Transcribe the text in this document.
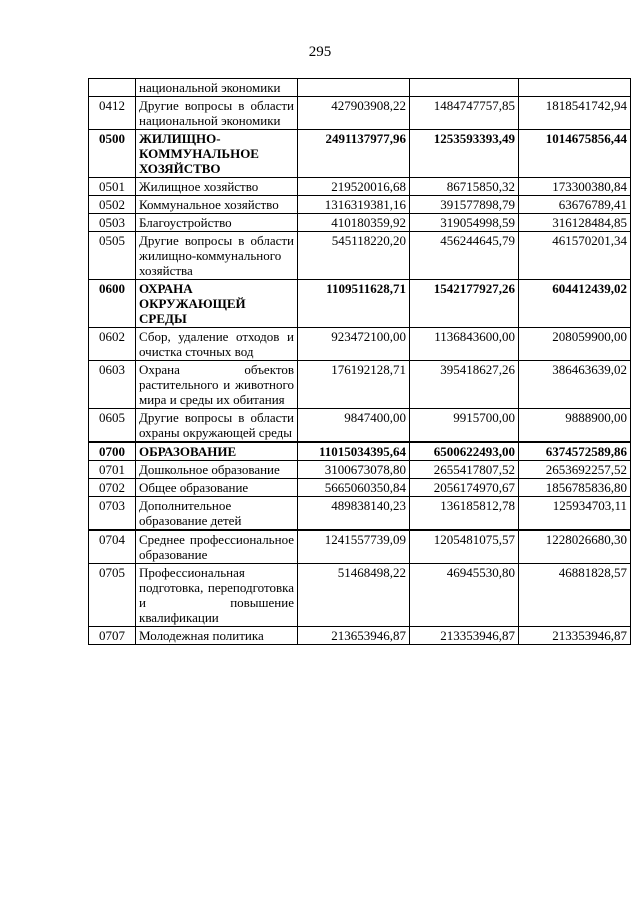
295
	национальной экономики			
0412	Другие вопросы в области национальной экономики	427903908,22	1484747757,85	1818541742,94
0500	ЖИЛИЩНО-КОММУНАЛЬНОЕ ХОЗЯЙСТВО	2491137977,96	1253593393,49	1014675856,44
0501	Жилищное хозяйство	219520016,68	86715850,32	173300380,84
0502	Коммунальное хозяйство	1316319381,16	391577898,79	63676789,41
0503	Благоустройство	410180359,92	319054998,59	316128484,85
0505	Другие вопросы в области жилищно-коммунального хозяйства	545118220,20	456244645,79	461570201,34
0600	ОХРАНА ОКРУЖАЮЩЕЙ СРЕДЫ	1109511628,71	1542177927,26	604412439,02
0602	Сбор, удаление отходов и очистка сточных вод	923472100,00	1136843600,00	208059900,00
0603	Охрана объектов растительного и животного мира и среды их обитания	176192128,71	395418627,26	386463639,02
0605	Другие вопросы в области охраны окружающей среды	9847400,00	9915700,00	9888900,00
0700	ОБРАЗОВАНИЕ	11015034395,64	6500622493,00	6374572589,86
0701	Дошкольное образование	3100673078,80	2655417807,52	2653692257,52
0702	Общее образование	5665060350,84	2056174970,67	1856785836,80
0703	Дополнительное образование детей	489838140,23	136185812,78	125934703,11
0704	Среднее профессиональное образование	1241557739,09	1205481075,57	1228026680,30
0705	Профессиональная подготовка, переподготовка и повышение квалификации	51468498,22	46945530,80	46881828,57
0707	Молодежная политика	213653946,87	213353946,87	213353946,87
